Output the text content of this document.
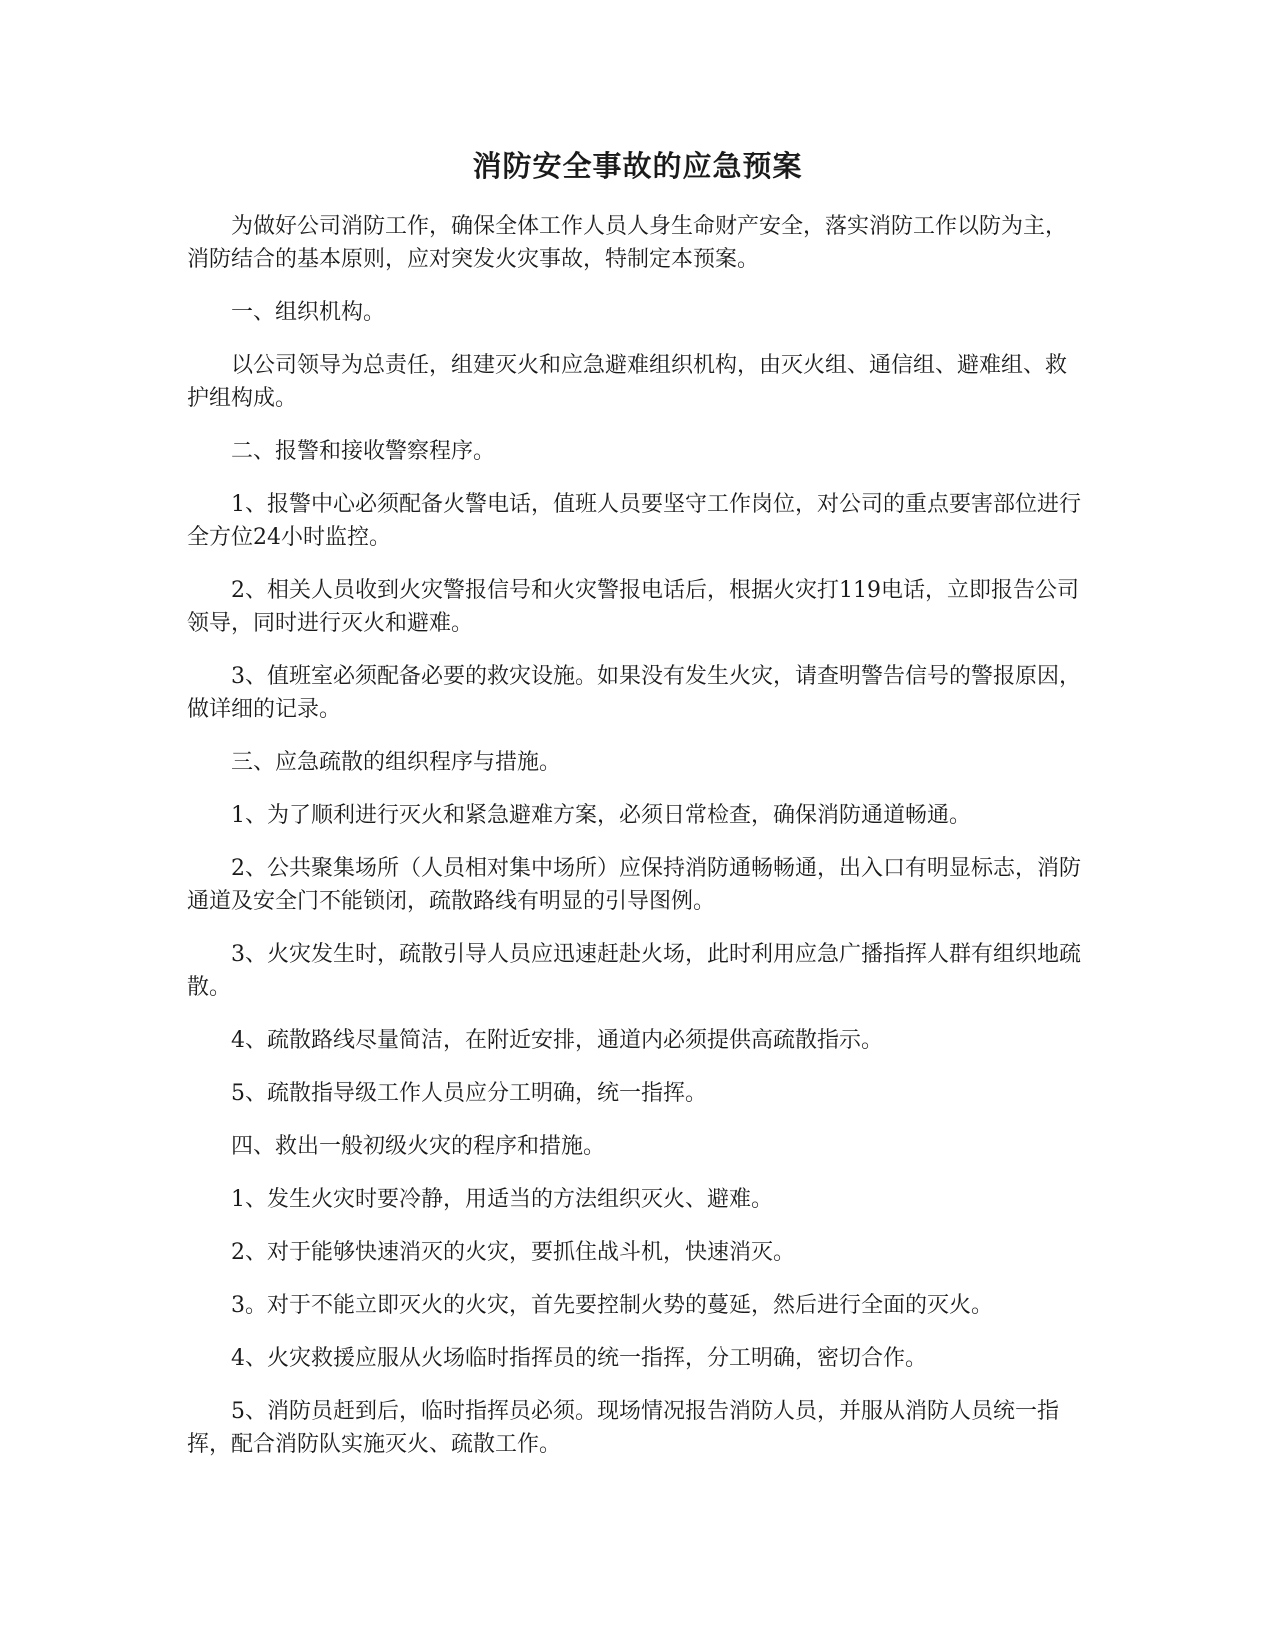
消防安全事故的应急预案

为做好公司消防工作，确保全体工作人员人身生命财产安全，落实消防工作以防为主，消防结合的基本原则，应对突发火灾事故，特制定本预案。

一、组织机构。

以公司领导为总责任，组建灭火和应急避难组织机构，由灭火组、通信组、避难组、救护组构成。

二、报警和接收警察程序。

1、报警中心必须配备火警电话，值班人员要坚守工作岗位，对公司的重点要害部位进行全方位24小时监控。

2、相关人员收到火灾警报信号和火灾警报电话后，根据火灾打119电话，立即报告公司领导，同时进行灭火和避难。

3、值班室必须配备必要的救灾设施。如果没有发生火灾，请查明警告信号的警报原因，做详细的记录。

三、应急疏散的组织程序与措施。

1、为了顺利进行灭火和紧急避难方案，必须日常检查，确保消防通道畅通。

2、公共聚集场所（人员相对集中场所）应保持消防通畅畅通，出入口有明显标志，消防通道及安全门不能锁闭，疏散路线有明显的引导图例。

3、火灾发生时，疏散引导人员应迅速赶赴火场，此时利用应急广播指挥人群有组织地疏散。

4、疏散路线尽量简洁，在附近安排，通道内必须提供高疏散指示。

5、疏散指导级工作人员应分工明确，统一指挥。

四、救出一般初级火灾的程序和措施。

1、发生火灾时要冷静，用适当的方法组织灭火、避难。

2、对于能够快速消灭的火灾，要抓住战斗机，快速消灭。

3。对于不能立即灭火的火灾，首先要控制火势的蔓延，然后进行全面的灭火。

4、火灾救援应服从火场临时指挥员的统一指挥，分工明确，密切合作。

5、消防员赶到后，临时指挥员必须。现场情况报告消防人员，并服从消防人员统一指挥，配合消防队实施灭火、疏散工作。
